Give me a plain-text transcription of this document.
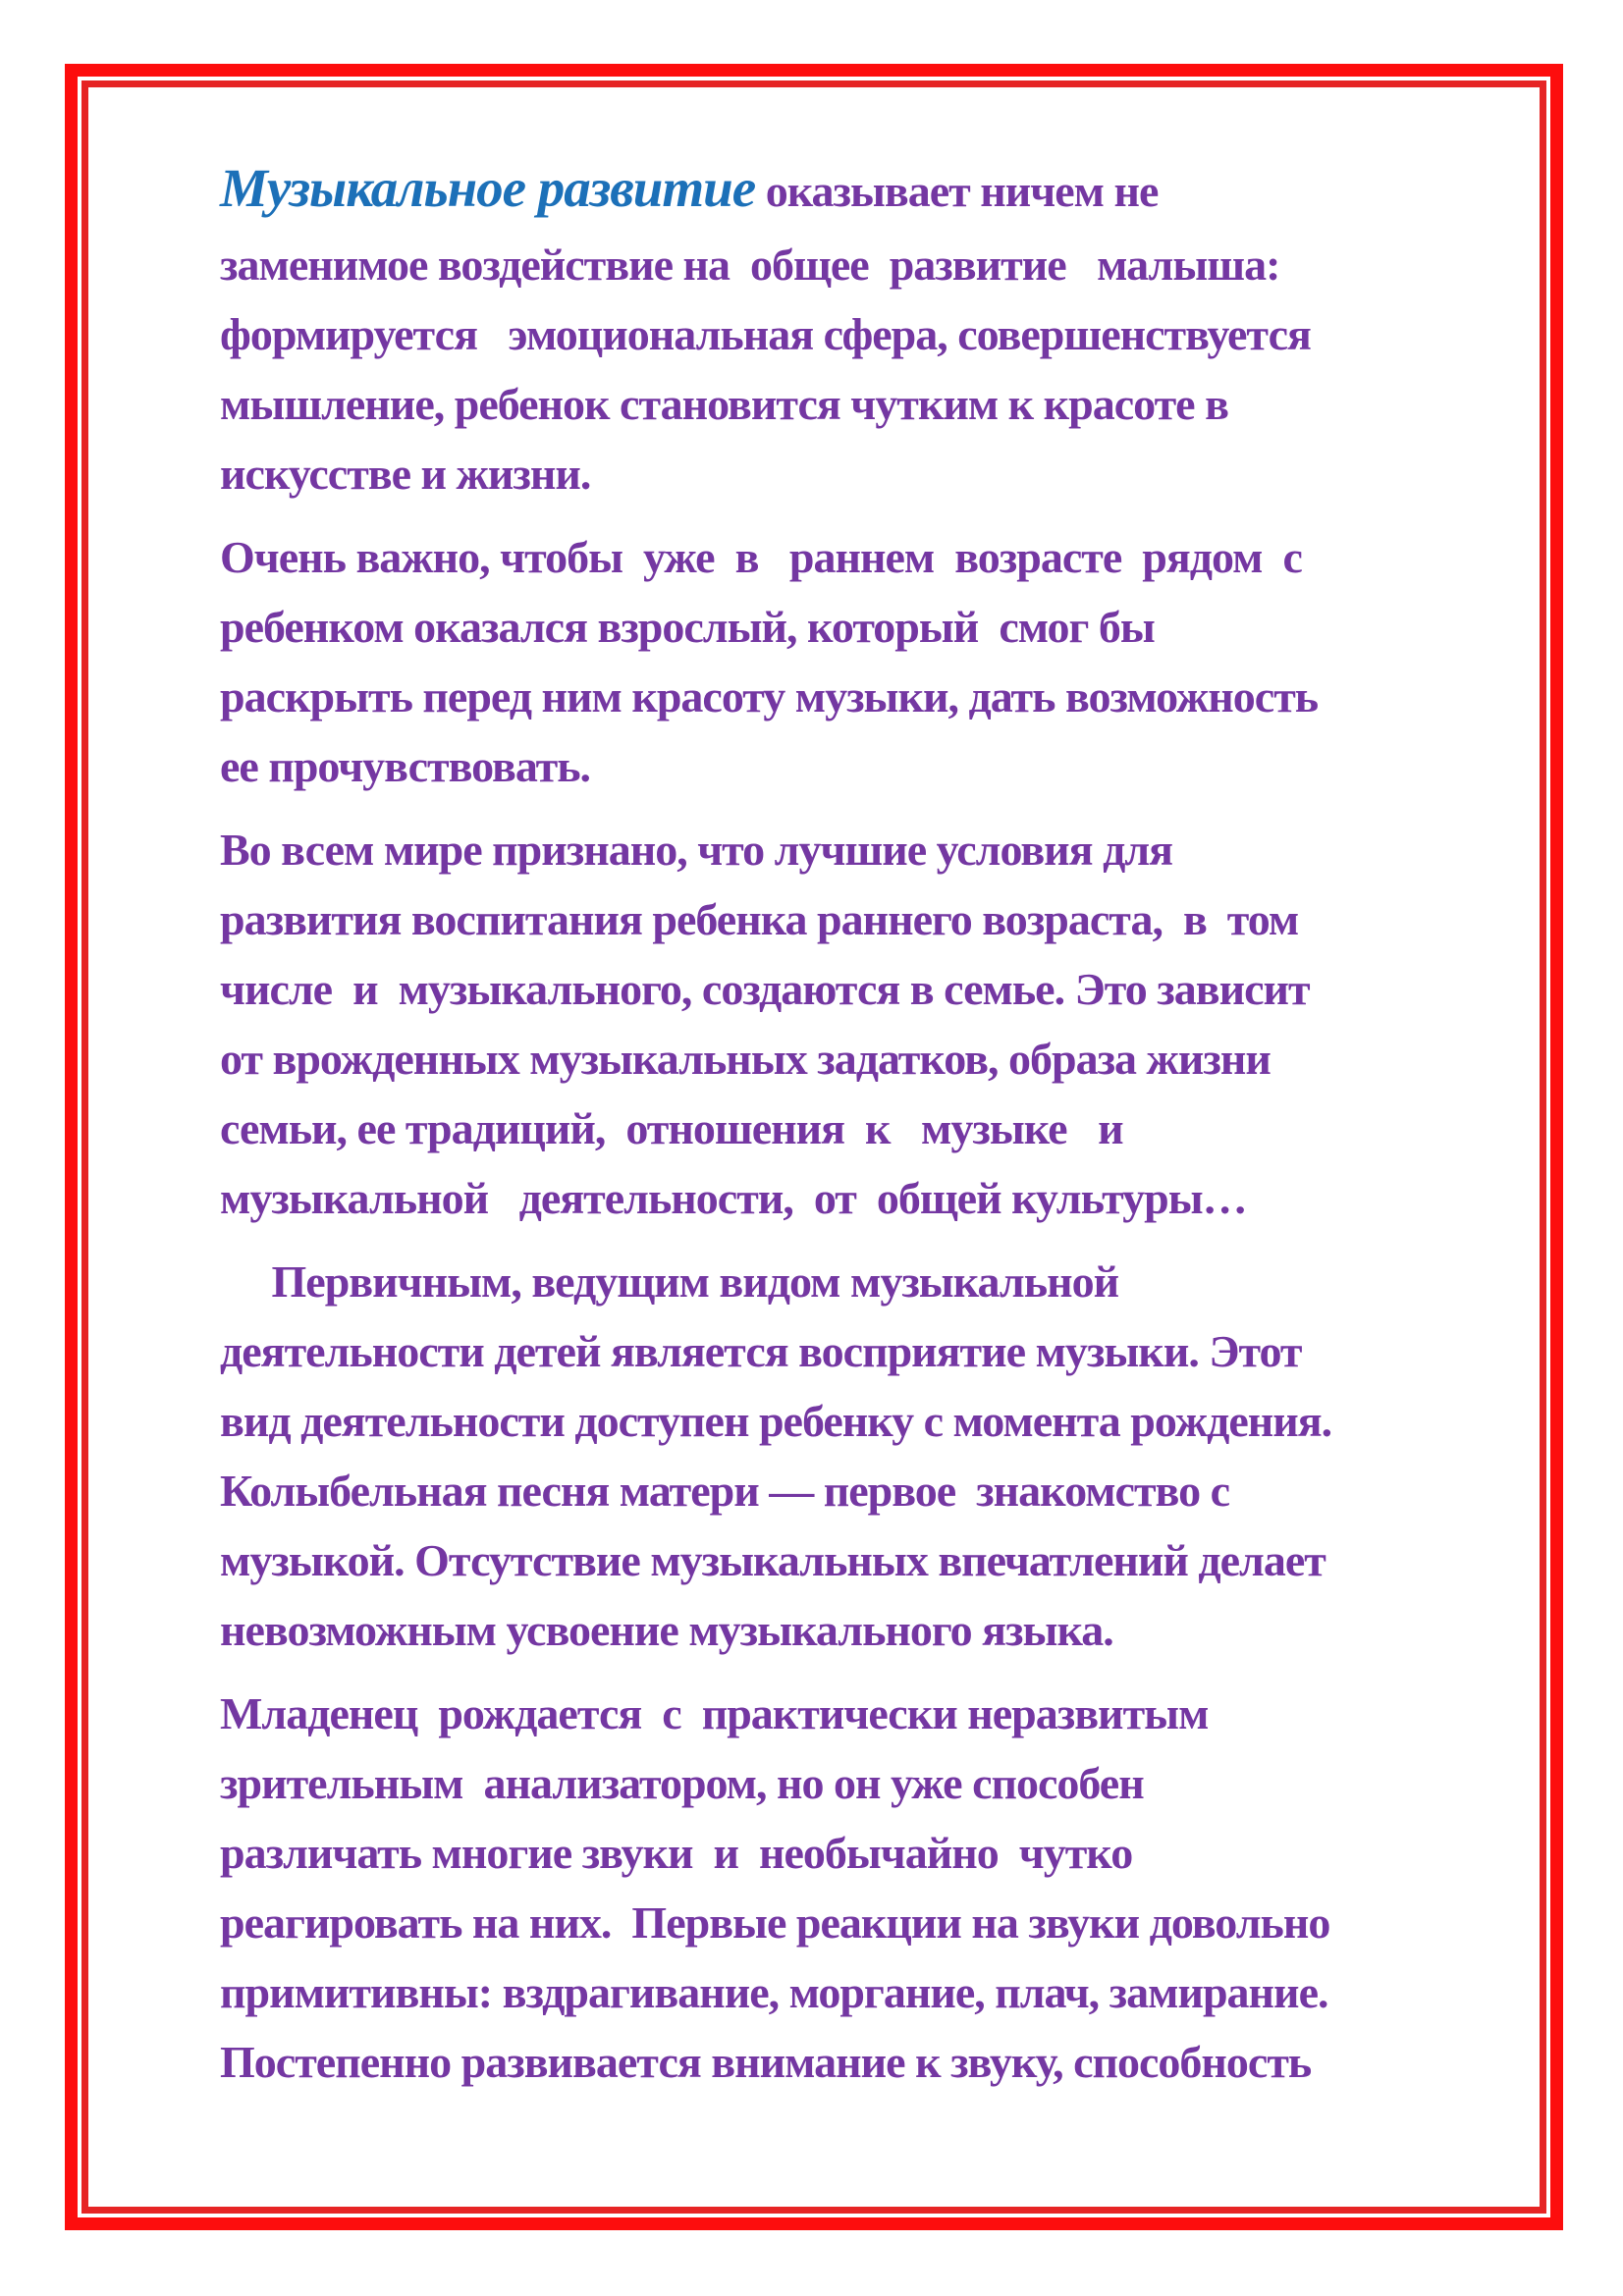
Музыкальное развитие оказывает ничем не
заменимое воздействие на  общее  развитие   малыша:
формируется   эмоциональная сфера, совершенствуется
мышление, ребенок становится чутким к красоте в
искусстве и жизни.
Очень важно, чтобы  уже  в   раннем  возрасте  рядом  с
ребенком оказался взрослый, который  смог бы
раскрыть перед ним красоту музыки, дать возможность
ее прочувствовать.
Во всем мире признано, что лучшие условия для
развития воспитания ребенка раннего возраста,  в  том
числе  и  музыкального, создаются в семье. Это зависит
от врожденных музыкальных задатков, образа жизни
семьи, ее традиций,  отношения  к   музыке   и
музыкальной   деятельности,  от  общей культуры…
Первичным, ведущим видом музыкальной
деятельности детей является восприятие музыки. Этот
вид деятельности доступен ребенку с момента рождения.
Колыбельная песня матери — первое  знакомство с
музыкой. Отсутствие музыкальных впечатлений делает
невозможным усвоение музыкального языка.
Младенец  рождается  с  практически неразвитым
зрительным  анализатором, но он уже способен
различать многие звуки  и  необычайно  чутко
реагировать на них.  Первые реакции на звуки довольно
примитивны: вздрагивание, моргание, плач, замирание.
Постепенно развивается внимание к звуку, способность
